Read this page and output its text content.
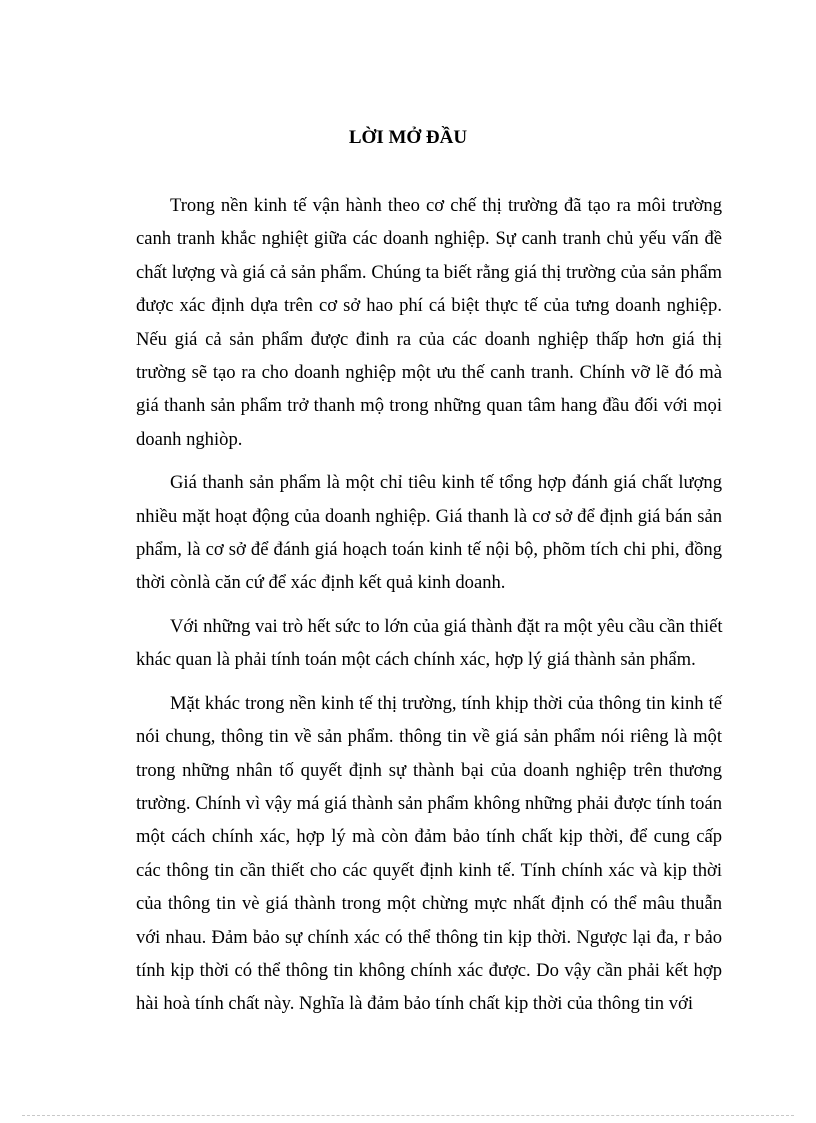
LỜI MỞ ĐẦU
Trong nền kinh tế vận hành theo cơ chế thị trường đã tạo ra môi trường
canh tranh khắc nghiệt giữa các doanh nghiệp. Sự canh tranh chủ yếu vấn đề
chất lượng và giá cả sản phẩm. Chúng ta biết rằng giá thị trường của sản phẩm
được xác định dựa trên cơ sở hao phí cá biệt thực tế của tưng doanh nghiệp.
Nếu giá cả sản phẩm được đinh ra của các doanh nghiệp thấp hơn giá thị
trường sẽ tạo ra cho doanh nghiệp một ưu thế canh tranh. Chính vỡ lẽ đó mà
giá thanh sản phẩm trở thanh mộ trong những quan tâm hang đầu đối với mọi
doanh nghiòp.
Giá thanh sản phẩm là một chỉ tiêu kinh tế tổng hợp đánh giá chất lượng
nhiều mặt hoạt động của doanh nghiệp. Giá thanh là cơ sở để định giá bán sản
phẩm, là cơ sở để đánh giá hoạch toán kinh tế nội bộ, phõm tích chi phi, đồng
thời cònlà căn cứ để xác định kết quả kinh doanh.
Với những vai trò hết sức to lớn của giá thành đặt ra một yêu cầu cần thiết
khác quan là phải tính toán một cách chính xác, hợp lý giá thành sản phẩm.
Mặt khác trong nền kinh tế thị trường, tính khịp thời của thông tin kinh tế
nói chung, thông tin về sản phẩm. thông tin về giá sản phẩm nói riêng là một
trong những nhân tố quyết định sự thành bại của doanh nghiệp trên thương
trường. Chính vì vậy má giá thành sản phẩm không những phải được tính toán
một cách chính xác, hợp lý mà còn đảm bảo tính chất kịp thời, để cung cấp
các thông tin cần thiết cho các quyết định kinh tế. Tính chính xác và kịp thời
của thông tin vè giá thành trong một chừng mực nhất định có thể mâu thuẫn
với nhau. Đảm bảo sự chính xác có thể thông tin kịp thời. Ngược lại đa, r bảo
tính kịp thời có thể thông tin không chính xác được. Do vậy cần phải kết hợp
hài hoà tính chất này. Nghĩa là đảm bảo tính chất kịp thời của thông tin với
